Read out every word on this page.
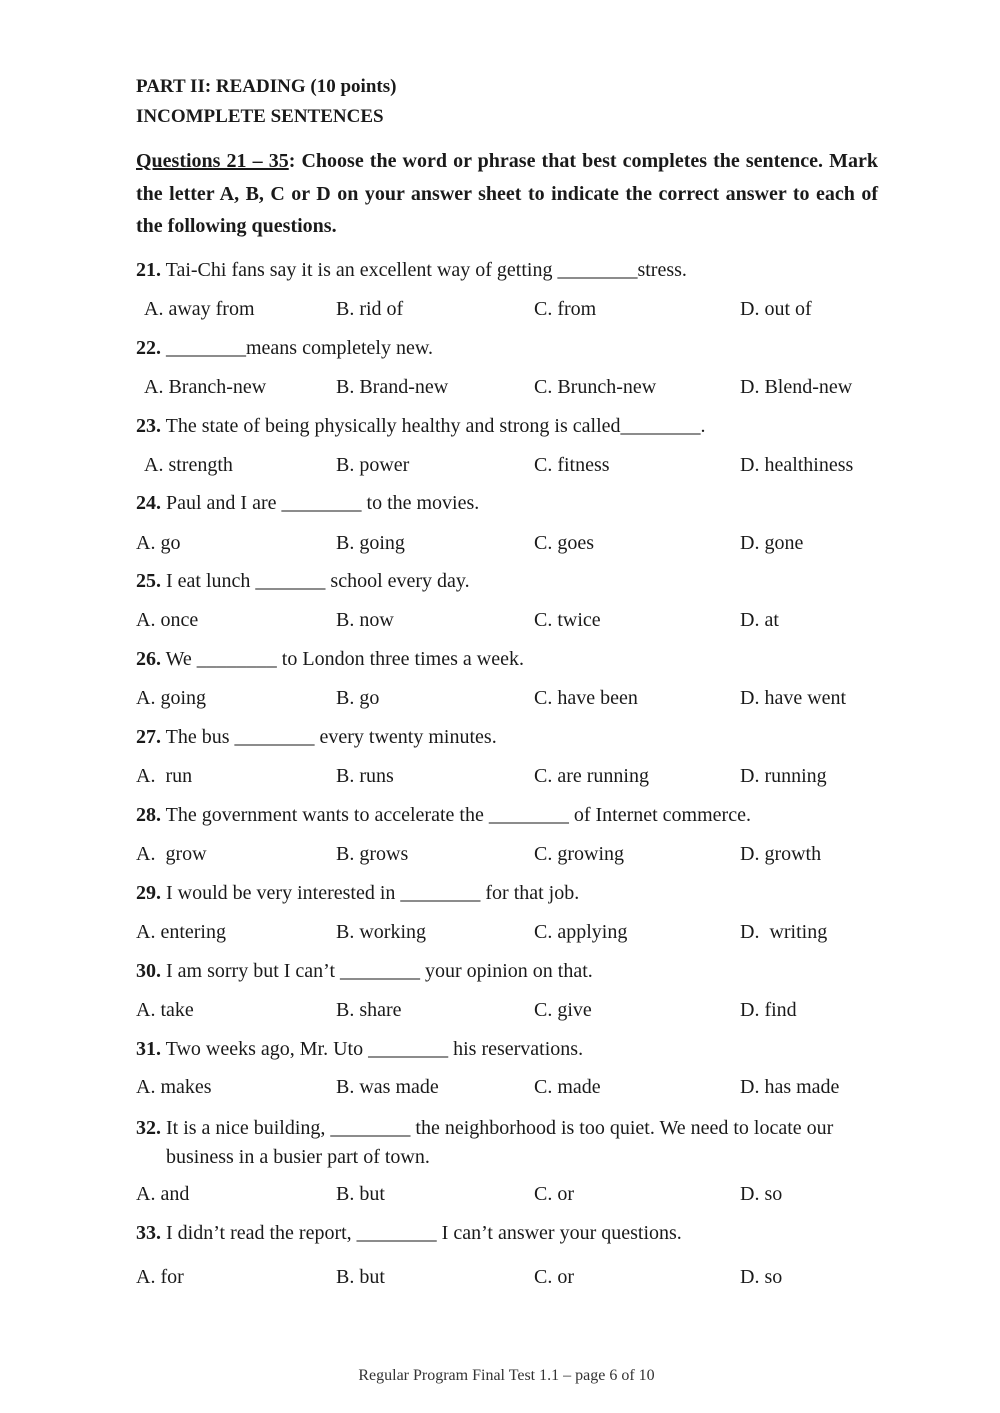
PART II: READING (10 points)
INCOMPLETE SENTENCES
Questions 21 – 35: Choose the word or phrase that best completes the sentence. Mark the letter A, B, C or D on your answer sheet to indicate the correct answer to each of the following questions.
21. Tai-Chi fans say it is an excellent way of getting ________stress.
A. away from	B. rid of	C. from	D. out of
22. ________means completely new.
A. Branch-new	B. Brand-new	C. Brunch-new	D. Blend-new
23. The state of being physically healthy and strong is called________.
A. strength	B. power	C. fitness	D. healthiness
24. Paul and I are ________ to the movies.
A. go	B. going	C. goes	D. gone
25. I eat lunch _______ school every day.
A. once	B. now	C. twice	D. at
26. We ________ to London three times a week.
A. going	B. go	C. have been	D. have went
27. The bus ________ every twenty minutes.
A.  run	B. runs	C. are running	D. running
28. The government wants to accelerate the ________ of Internet commerce.
A.  grow	B. grows	C. growing	D. growth
29. I would be very interested in ________ for that job.
A. entering	B. working	C. applying	D.  writing
30. I am sorry but I can’t ________ your opinion on that.
A. take	B. share	C. give	D. find
31. Two weeks ago, Mr. Uto ________ his reservations.
A. makes	B. was made	C. made	D. has made
32. It is a nice building, ________ the neighborhood is too quiet. We need to locate our business in a busier part of town.
A. and	B. but	C. or	D. so
33. I didn’t read the report, ________ I can’t answer your questions.
A. for	B. but	C. or	D. so
Regular Program Final Test 1.1 – page 6 of 10
